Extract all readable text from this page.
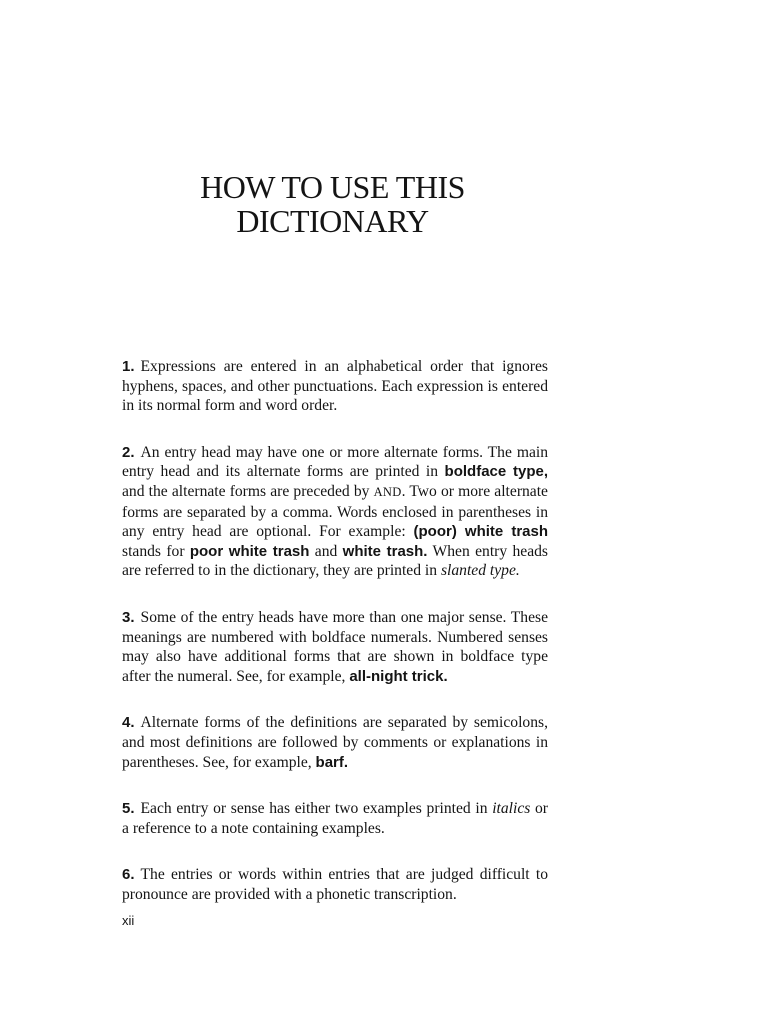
HOW TO USE THIS
DICTIONARY

1. Expressions are entered in an alphabetical order that ignores hyphens, spaces, and other punctuations. Each expression is entered in its normal form and word order.

2. An entry head may have one or more alternate forms. The main entry head and its alternate forms are printed in boldface type, and the alternate forms are preceded by AND. Two or more alternate forms are separated by a comma. Words enclosed in parentheses in any entry head are optional. For example: (poor) white trash stands for poor white trash and white trash. When entry heads are referred to in the dictionary, they are printed in slanted type.

3. Some of the entry heads have more than one major sense. These meanings are numbered with boldface numerals. Numbered senses may also have additional forms that are shown in boldface type after the numeral. See, for example, all-night trick.

4. Alternate forms of the definitions are separated by semicolons, and most definitions are followed by comments or explanations in parentheses. See, for example, barf.

5. Each entry or sense has either two examples printed in italics or a reference to a note containing examples.

6. The entries or words within entries that are judged difficult to pronounce are provided with a phonetic transcription.

xii
